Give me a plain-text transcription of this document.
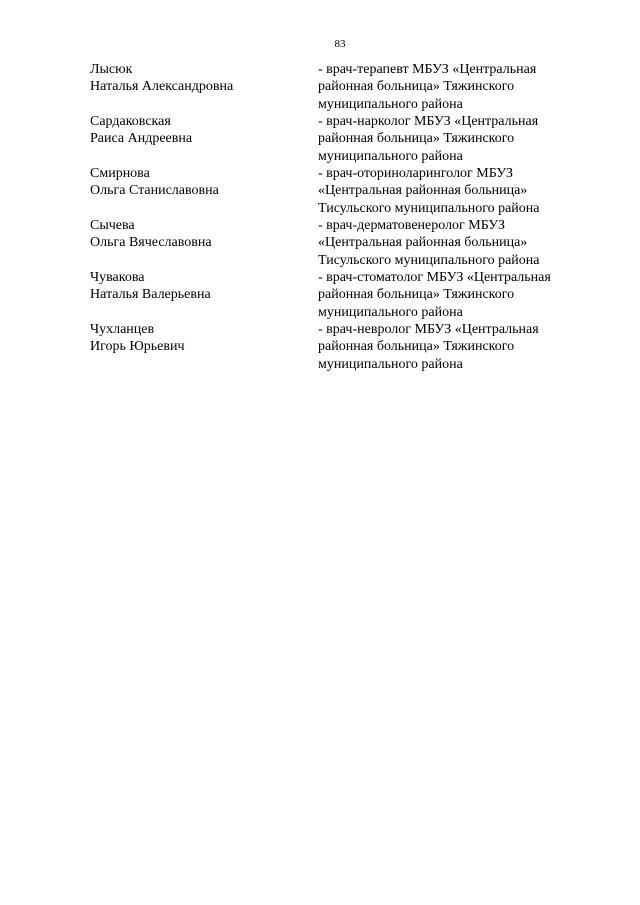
83
Лысюк
Наталья Александровна
- врач-терапевт МБУЗ «Центральная
районная больница» Тяжинского
муниципального района
Сардаковская
Раиса Андреевна
- врач-нарколог МБУЗ «Центральная
районная больница» Тяжинского
муниципального района
Смирнова
Ольга Станиславовна
- врач-оториноларинголог МБУЗ
«Центральная районная больница»
Тисульского муниципального района
Сычева
Ольга Вячеславовна
- врач-дерматовенеролог МБУЗ
«Центральная районная больница»
Тисульского муниципального района
Чувакова
Наталья Валерьевна
- врач-стоматолог МБУЗ «Центральная
районная больница» Тяжинского
муниципального района
Чухланцев
Игорь Юрьевич
- врач-невролог МБУЗ «Центральная
районная больница» Тяжинского
муниципального района
